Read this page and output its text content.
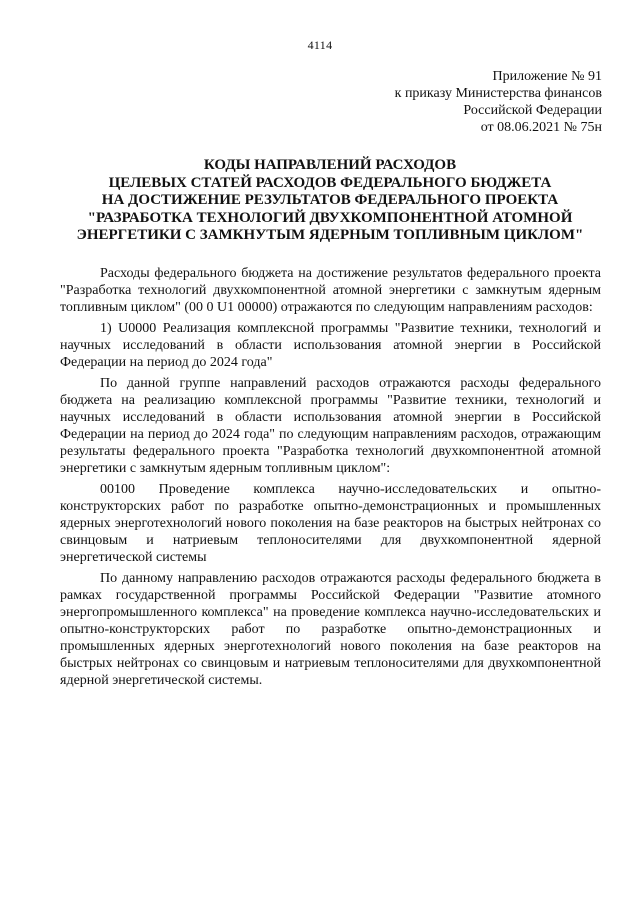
4114
Приложение № 91
к приказу Министерства финансов
Российской Федерации
от 08.06.2021 № 75н
КОДЫ НАПРАВЛЕНИЙ РАСХОДОВ
ЦЕЛЕВЫХ СТАТЕЙ РАСХОДОВ ФЕДЕРАЛЬНОГО БЮДЖЕТА
НА ДОСТИЖЕНИЕ РЕЗУЛЬТАТОВ ФЕДЕРАЛЬНОГО ПРОЕКТА
"РАЗРАБОТКА ТЕХНОЛОГИЙ ДВУХКОМПОНЕНТНОЙ АТОМНОЙ
ЭНЕРГЕТИКИ С ЗАМКНУТЫМ ЯДЕРНЫМ ТОПЛИВНЫМ ЦИКЛОМ"

Расходы федерального бюджета на достижение результатов федерального проекта "Разработка технологий двухкомпонентной атомной энергетики с замкнутым ядерным топливным циклом" (00 0 U1 00000) отражаются по следующим направлениям расходов:

1) U0000 Реализация комплексной программы "Развитие техники, технологий и научных исследований в области использования атомной энергии в Российской Федерации на период до 2024 года"

По данной группе направлений расходов отражаются расходы федерального бюджета на реализацию комплексной программы "Развитие техники, технологий и научных исследований в области использования атомной энергии в Российской Федерации на период до 2024 года" по следующим направлениям расходов, отражающим результаты федерального проекта "Разработка технологий двухкомпонентной атомной энергетики с замкнутым ядерным топливным циклом":

00100 Проведение комплекса научно-исследовательских и опытно-конструкторских работ по разработке опытно-демонстрационных и промышленных ядерных энерготехнологий нового поколения на базе реакторов на быстрых нейтронах со свинцовым и натриевым теплоносителями для двухкомпонентной ядерной энергетической системы

По данному направлению расходов отражаются расходы федерального бюджета в рамках государственной программы Российской Федерации "Развитие атомного энергопромышленного комплекса" на проведение комплекса научно-исследовательских и опытно-конструкторских работ по разработке опытно-демонстрационных и промышленных ядерных энерготехнологий нового поколения на базе реакторов на быстрых нейтронах со свинцовым и натриевым теплоносителями для двухкомпонентной ядерной энергетической системы.
